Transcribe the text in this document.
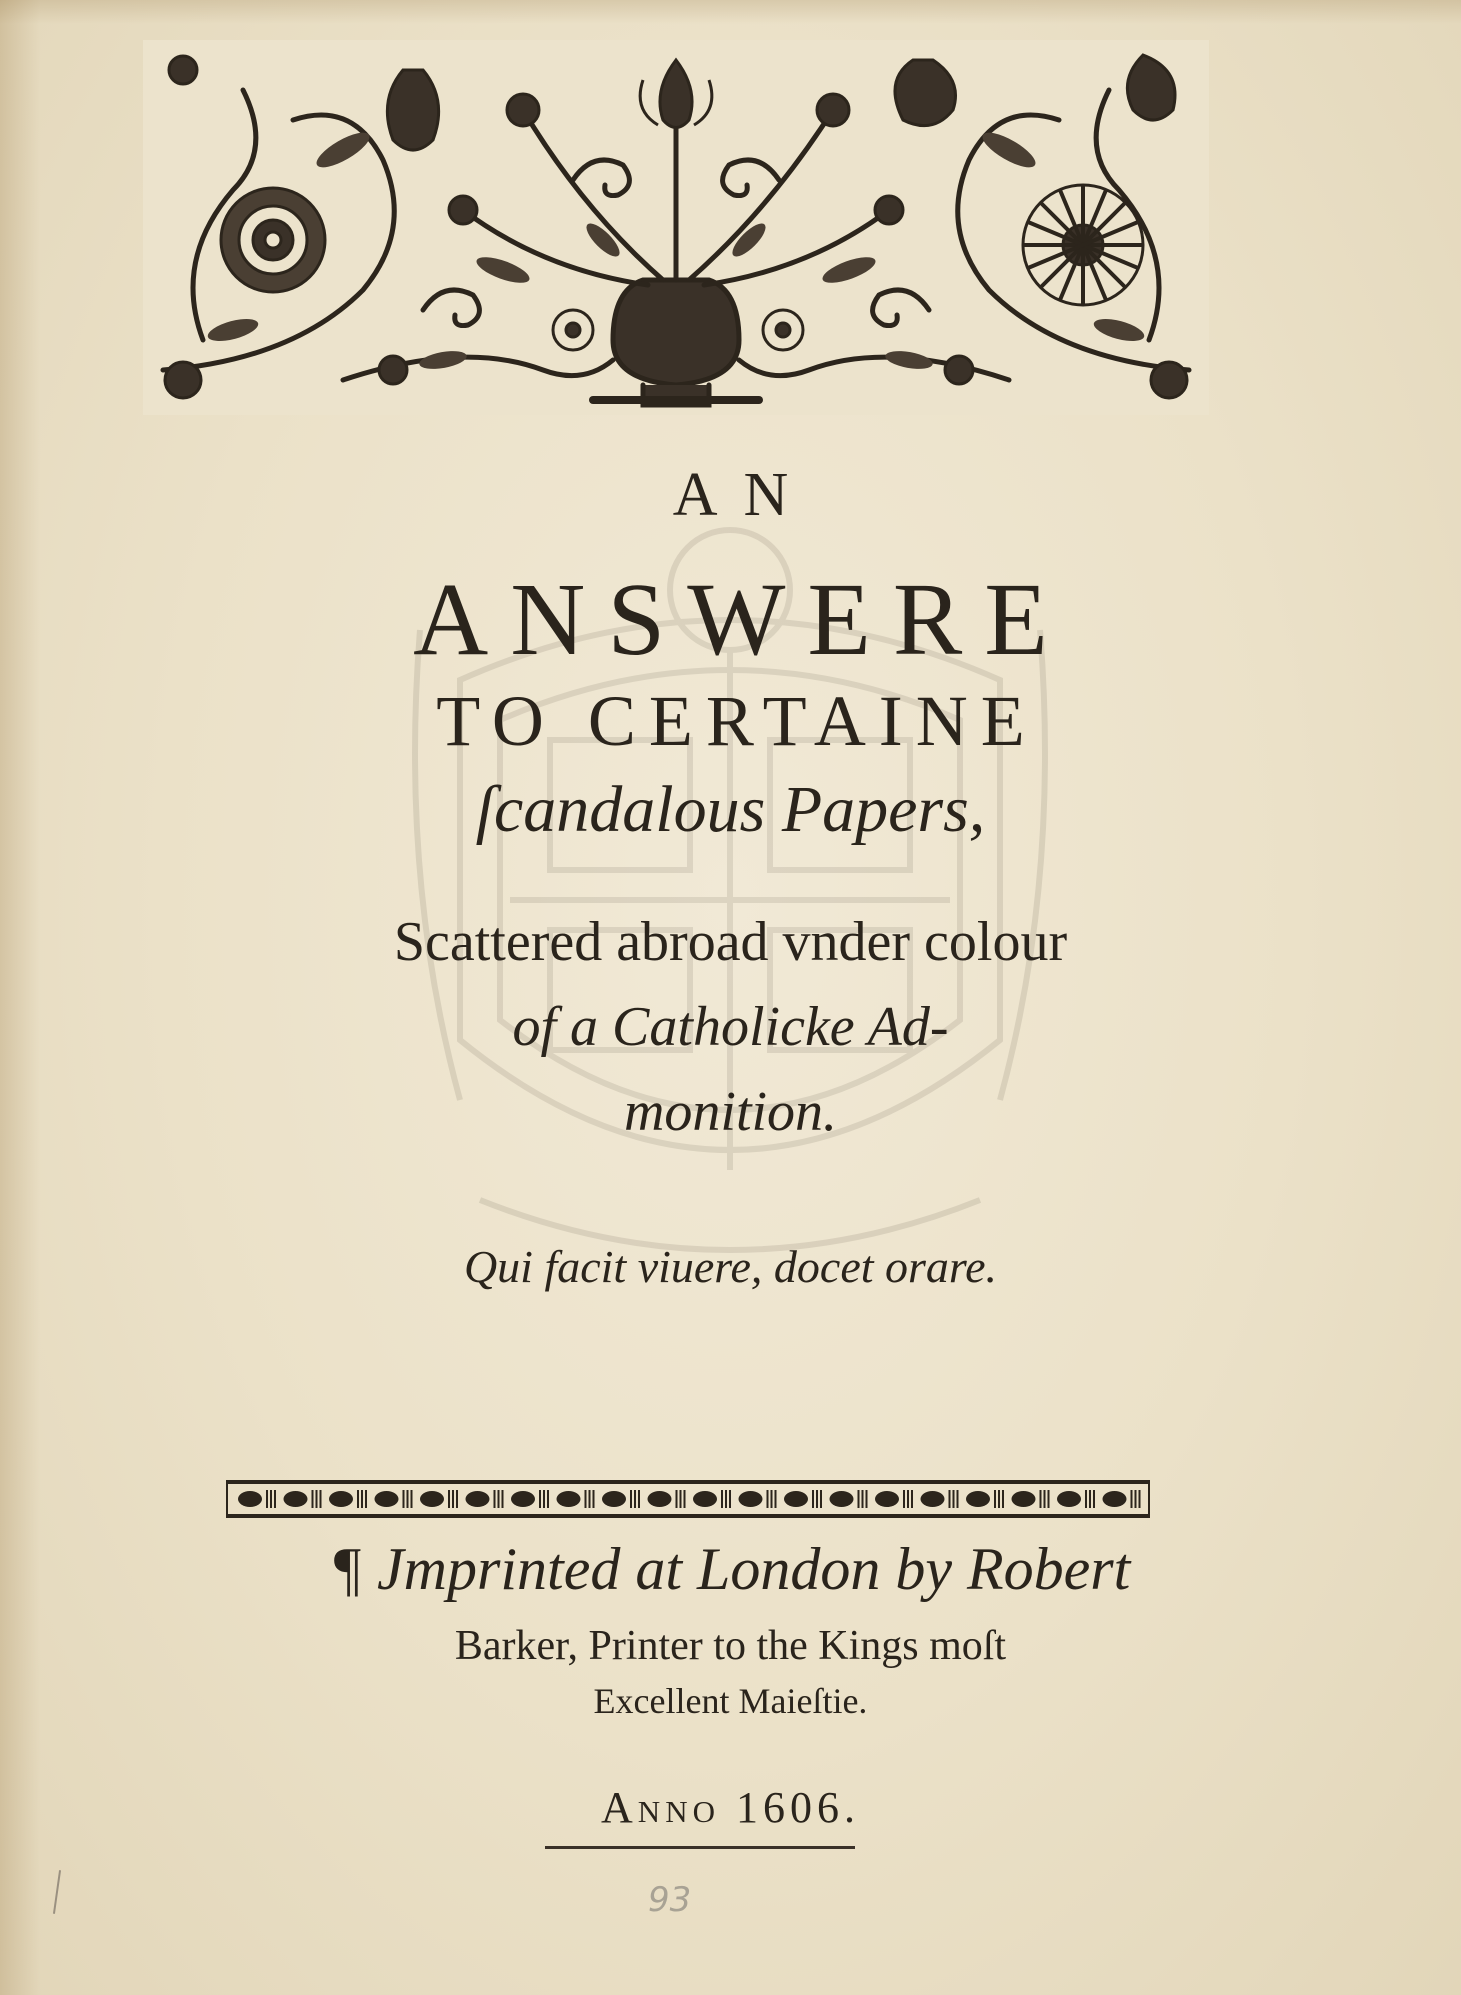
AN
ANSWERE
TO CERTAINE
ſcandalous Papers,
Scattered abroad vnder colour
of a Catholicke Ad-
monition.
Qui facit viuere, docet orare.
¶ Jmprinted at London by Robert
Barker, Printer to the Kings moſt
Excellent Maieſtie.
Anno 1606.
93
